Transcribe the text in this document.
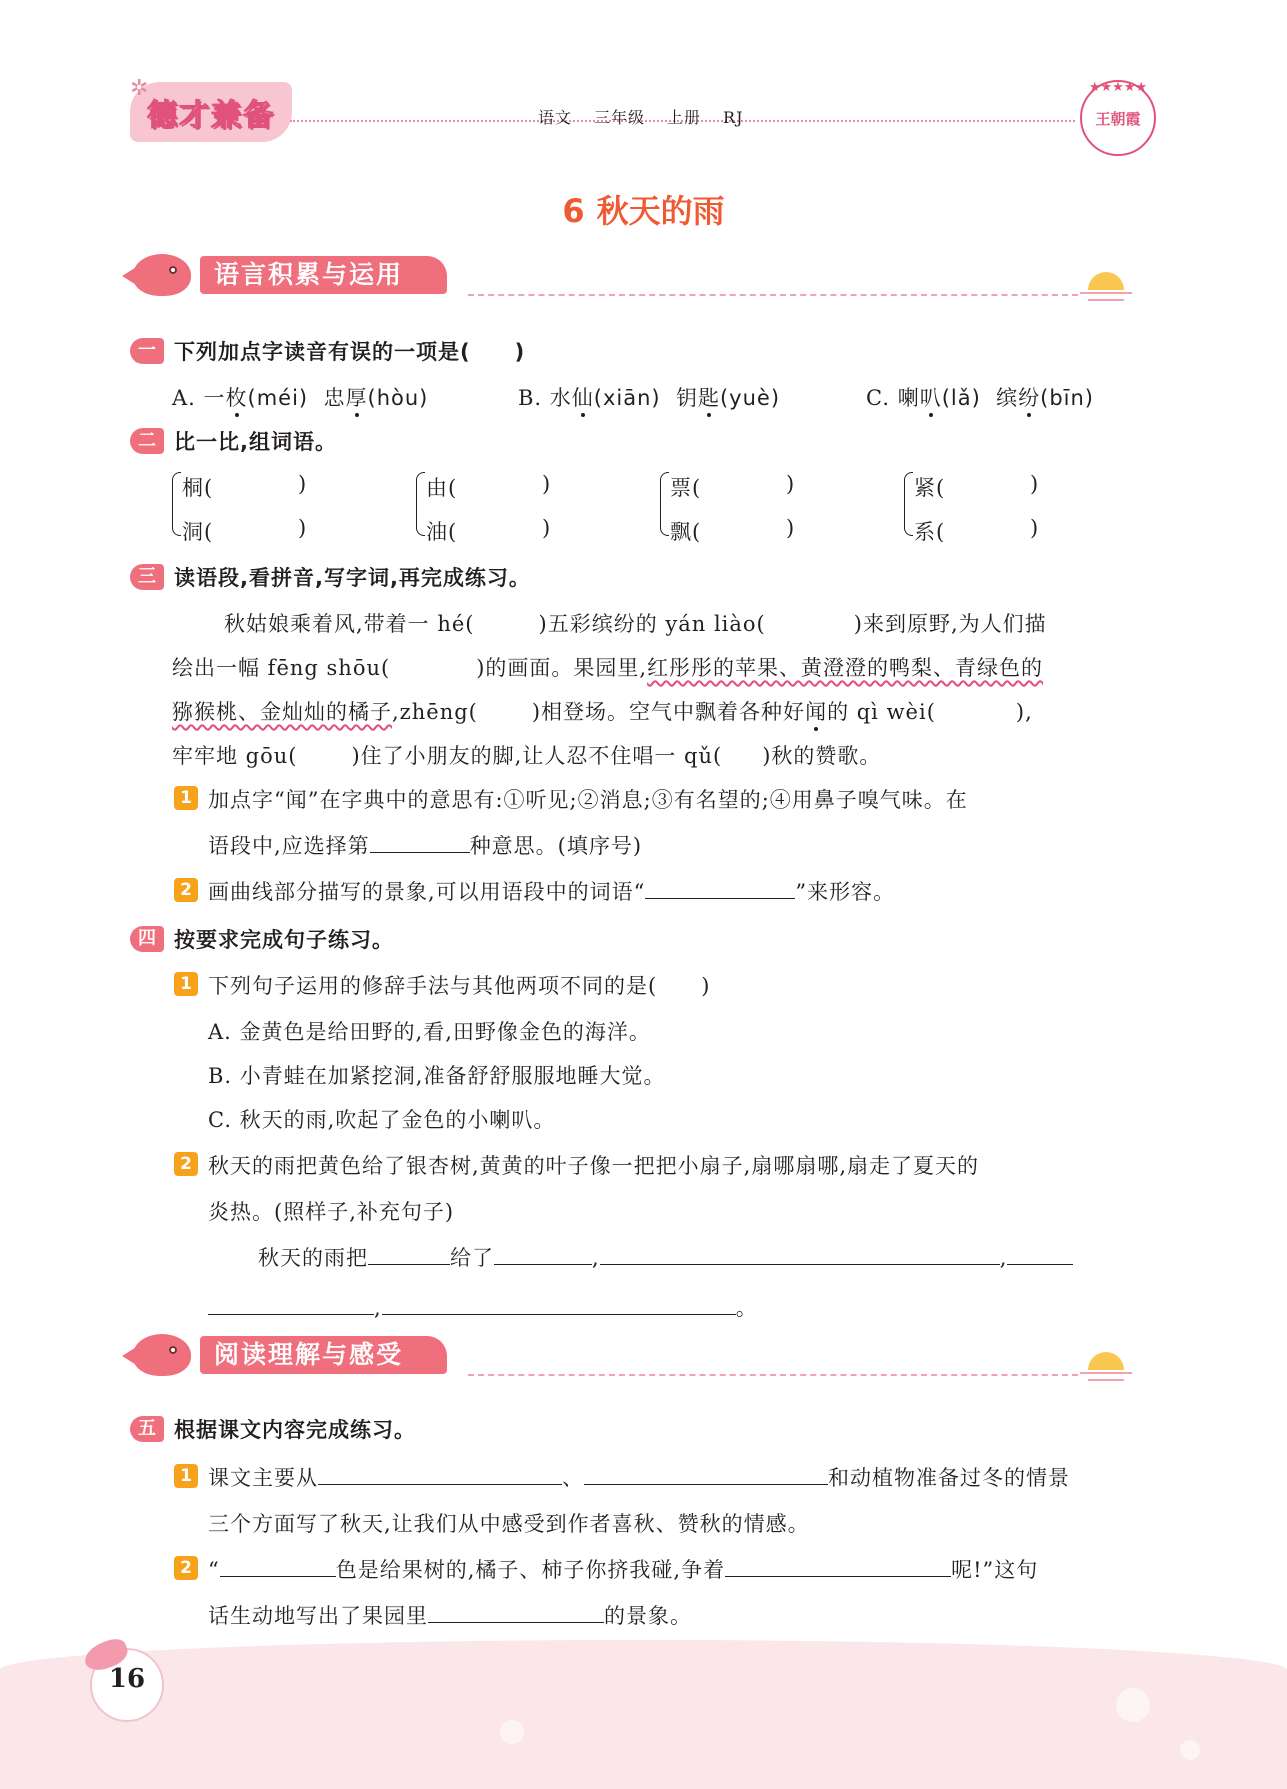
德才兼备
✲
语文 三年级 上册 RJ
★★★★★
王朝霞
6 秋天的雨
语言积累与运用
一 下列加点字读音有误的一项是(　　)
A. 一枚(méi) 忠厚(hòu)	B. 水仙(xiān) 钥匙(yuè)	C. 喇叭(lǎ) 缤纷(bīn)
二 比一比,组词语。
桐(	)
洞(	)
由(	)
油(	)
票(	)
飘(	)
紧(	)
系(	)
三 读语段,看拼音,写字词,再完成练习。
秋姑娘乘着风,带着一 hé(	)五彩缤纷的 yán liào(	)来到原野,为人们描
绘出一幅 fēng shōu(	)的画面。果园里,红彤彤的苹果、黄澄澄的鸭梨、青绿色的
猕猴桃、金灿灿的橘子,zhēng(	)相登场。空气中飘着各种好闻的 qì wèi(	),
牢牢地 gōu(	)住了小朋友的脚,让人忍不住唱一 qǔ( )秋的赞歌。
1 加点字“闻”在字典中的意思有:①听见;②消息;③有名望的;④用鼻子嗅气味。在
语段中,应选择第	种意思。(填序号)
2 画曲线部分描写的景象,可以用语段中的词语“	”来形容。
四 按要求完成句子练习。
1 下列句子运用的修辞手法与其他两项不同的是(　　)
A. 金黄色是给田野的,看,田野像金色的海洋。
B. 小青蛙在加紧挖洞,准备舒舒服服地睡大觉。
C. 秋天的雨,吹起了金色的小喇叭。
2 秋天的雨把黄色给了银杏树,黄黄的叶子像一把把小扇子,扇哪扇哪,扇走了夏天的
炎热。(照样子,补充句子)
秋天的雨把	给了	,	,
,	。
阅读理解与感受
五 根据课文内容完成练习。
1 课文主要从	、	和动植物准备过冬的情景
三个方面写了秋天,让我们从中感受到作者喜秋、赞秋的情感。
2 “	色是给果树的,橘子、柿子你挤我碰,争着	呢!”这句
话生动地写出了果园里	的景象。
16
